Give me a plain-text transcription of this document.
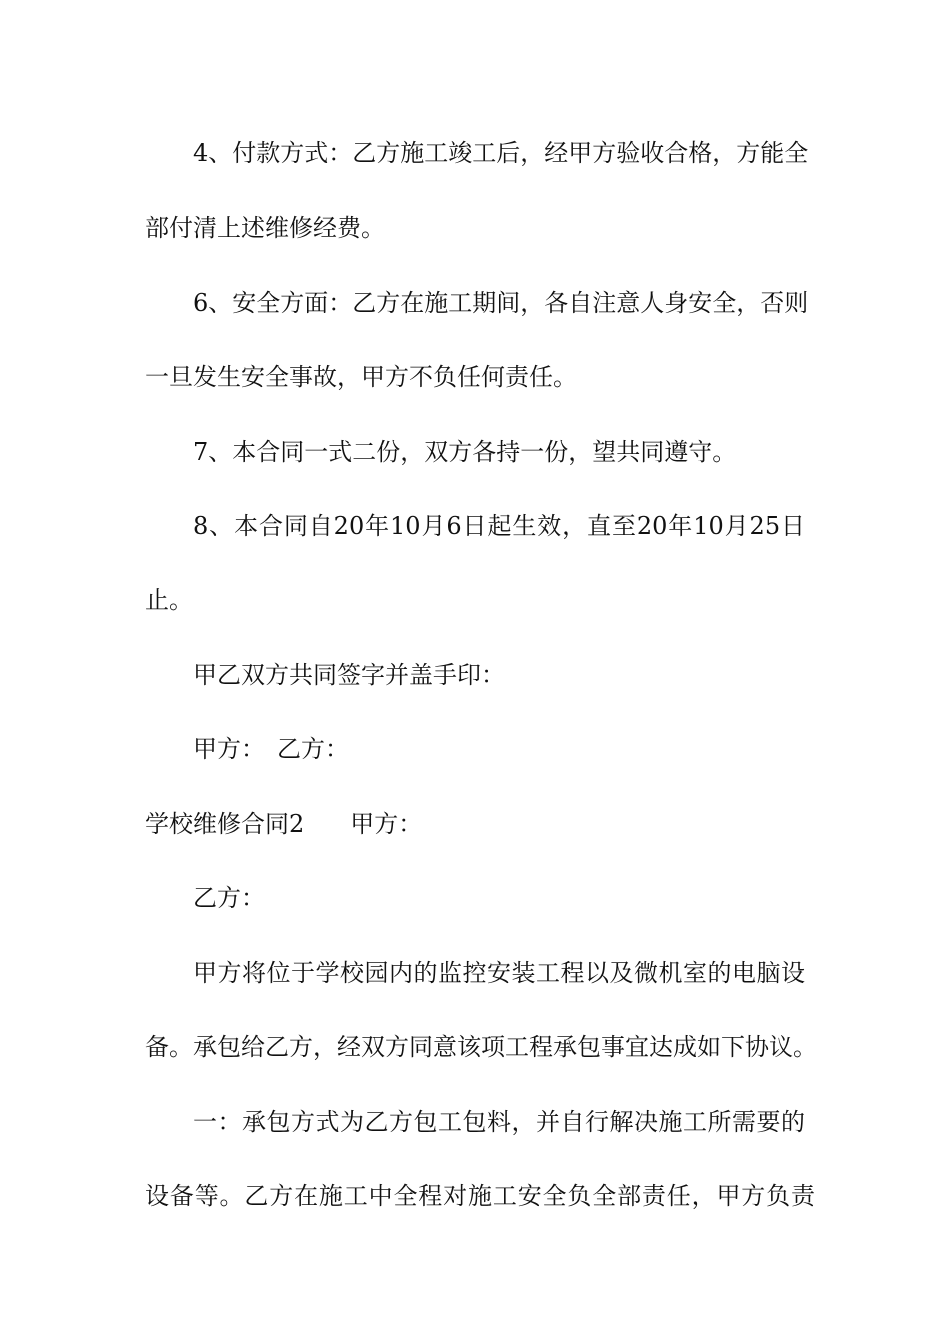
4、付款方式：乙方施工竣工后，经甲方验收合格，方能全
部付清上述维修经费。
6、安全方面：乙方在施工期间，各自注意人身安全，否则
一旦发生安全事故，甲方不负任何责任。
7、本合同一式二份，双方各持一份，望共同遵守。
8、本合同自20年10月6日起生效，直至20年10月25日
止。
甲乙双方共同签字并盖手印：
甲方：　乙方：
学校维修合同2 甲方：
乙方：
甲方将位于学校园内的监控安装工程以及微机室的电脑设
备。承包给乙方，经双方同意该项工程承包事宜达成如下协议。
一：承包方式为乙方包工包料，并自行解决施工所需要的
设备等。乙方在施工中全程对施工安全负全部责任，甲方负责
